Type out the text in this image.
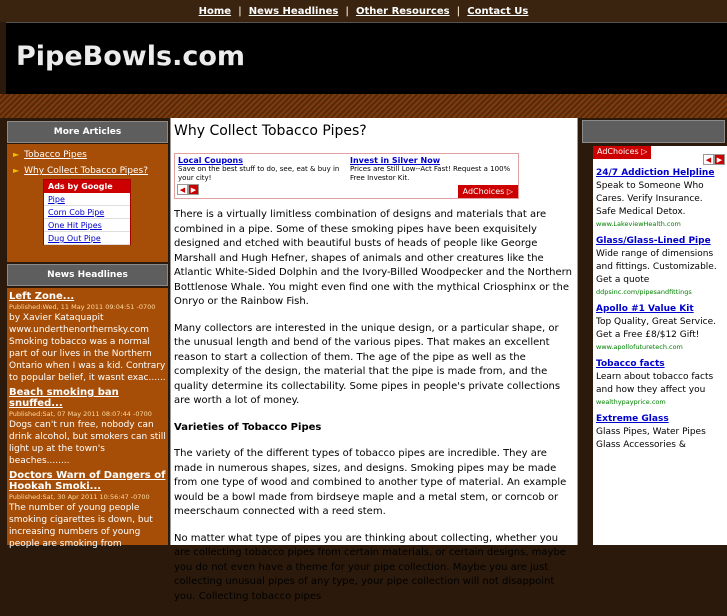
Home | News Headlines | Other Resources | Contact Us
PipeBowls.com
More Articles
► Tobacco Pipes
► Why Collect Tobacco Pipes?
Ads by Google
Pipe
Corn Cob Pipe
One Hit Pipes
Dug Out Pipe
News Headlines
Left Zone...
Published:Wed, 11 May 2011 09:04:51 -0700
by Xavier Kataquapit www.underthenorthernsky.com Smoking tobacco was a normal part of our lives in the Northern Ontario when I was a kid. Contrary to popular belief, it wasnt exac......
Beach smoking ban snuffed...
Published:Sat, 07 May 2011 08:07:44 -0700
Dogs can't run free, nobody can drink alcohol, but smokers can still light up at the town's beaches........
Doctors Warn of Dangers of Hookah Smoki...
Published:Sat, 30 Apr 2011 10:56:47 -0700
The number of young people smoking cigarettes is down, but increasing numbers of young people are smoking from
Why Collect Tobacco Pipes?
Local Coupons
Save on the best stuff to do, see, eat & buy in your city!
Invest in Silver Now
Prices are Still Low--Act Fast! Request a 100% Free Investor Kit.
◀ ▶	AdChoices ▷

There is a virtually limitless combination of designs and materials that are combined in a pipe. Some of these smoking pipes have been exquisitely designed and etched with beautiful busts of heads of people like George Marshall and Hugh Hefner, shapes of animals and other creatures like the Atlantic White-Sided Dolphin and the Ivory-Billed Woodpecker and the Northern Bottlenose Whale. You might even find one with the mythical Criosphinx or the Onryo or the Rainbow Fish.

Many collectors are interested in the unique design, or a particular shape, or the unusual length and bend of the various pipes. That makes an excellent reason to start a collection of them. The age of the pipe as well as the complexity of the design, the material that the pipe is made from, and the quality determine its collectability. Some pipes in people's private collections are worth a lot of money.

Varieties of Tobacco Pipes

The variety of the different types of tobacco pipes are incredible. They are made in numerous shapes, sizes, and designs. Smoking pipes may be made from one type of wood and combined to another type of material. An example would be a bowl made from birdseye maple and a metal stem, or corncob or meerschaum connected with a reed stem.

No matter what type of pipes you are thinking about collecting, whether you are collecting tobacco pipes from certain materials, or certain designs, maybe you do not even have a theme for your pipe collection. Maybe you are just collecting unusual pipes of any type, your pipe collection will not disappoint you. Collecting tobacco pipes

AdChoices ▷
◀ ▶
24/7 Addiction Helpline
Speak to Someone Who Cares. Verify Insurance. Safe Medical Detox.
www.LakeviewHealth.com
Glass/Glass-Lined Pipe
Wide range of dimensions and fittings. Customizable. Get a quote
ddpsinc.com/pipesandfittings
Apollo #1 Value Kit
Top Quality, Great Service. Get a Free £8/$12 Gift!
www.apollofuturetech.com
Tobacco facts
Learn about tobacco facts and how they affect you
wealthypayprice.com
Extreme Glass
Glass Pipes, Water Pipes Glass Accessories &
